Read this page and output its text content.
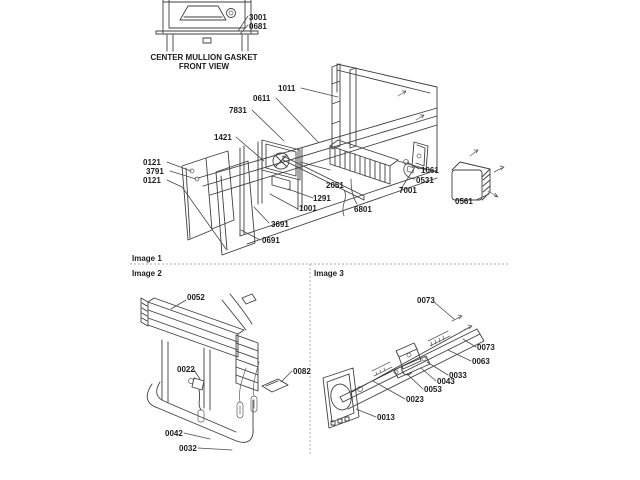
3001
0681
CENTER MULLION GASKET
FRONT VIEW
1011
0611
7831
1421
0121
3791
0121
2051
1291
1001	6801
3691
0691
7001
1061
0531
0561
Image 1
Image 2	Image 3
0052
0022	0082
0042
0032
0073
0073
0063
0033
0043
0053
0023
0013
